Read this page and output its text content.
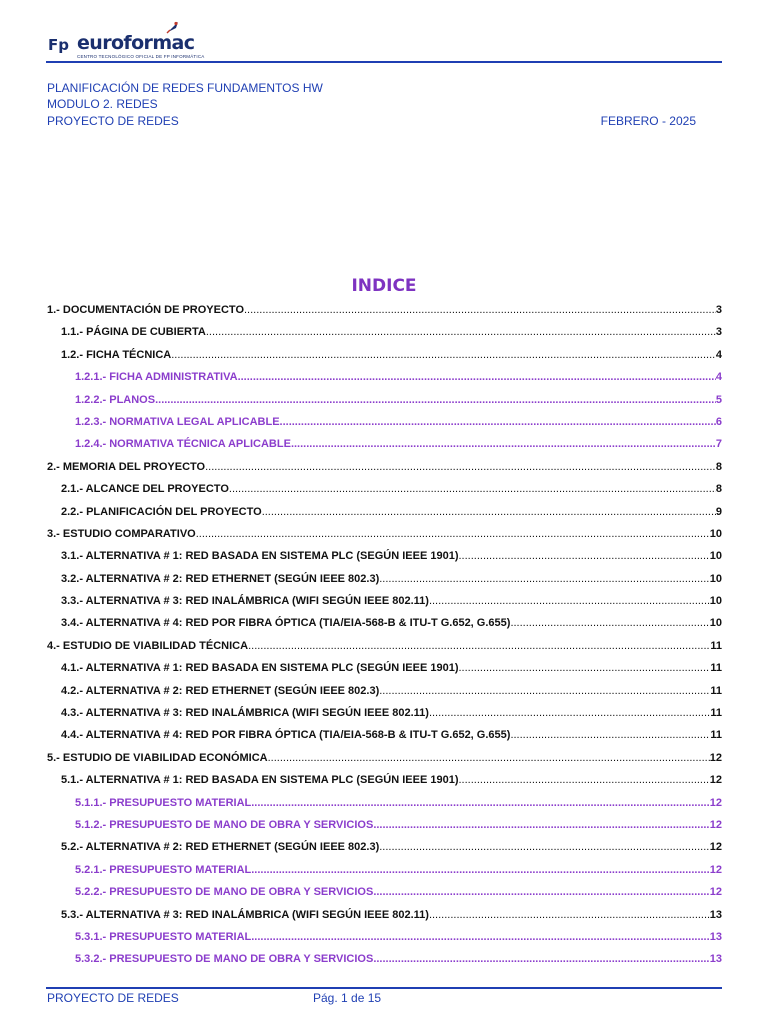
Fp euroformac
CENTRO TECNOLÓGICO OFICIAL DE FP INFORMÁTICA
PLANIFICACIÓN DE REDES FUNDAMENTOS HW
MODULO 2. REDES
PROYECTO DE REDES	FEBRERO - 2025
INDICE
1.- DOCUMENTACIÓN DE PROYECTO .....	3
1.1.- PÁGINA DE CUBIERTA .....	3
1.2.- FICHA TÉCNICA .....	4
1.2.1.- FICHA ADMINISTRATIVA .....	4
1.2.2.- PLANOS .....	5
1.2.3.- NORMATIVA LEGAL APLICABLE .....	6
1.2.4.- NORMATIVA TÉCNICA APLICABLE .....	7
2.- MEMORIA DEL PROYECTO .....	8
2.1.- ALCANCE DEL PROYECTO .....	8
2.2.- PLANIFICACIÓN DEL PROYECTO .....	9
3.- ESTUDIO COMPARATIVO .....	10
3.1.- ALTERNATIVA # 1: RED BASADA EN SISTEMA PLC (SEGÚN IEEE 1901) .....	10
3.2.- ALTERNATIVA # 2: RED ETHERNET (SEGÚN IEEE 802.3) .....	10
3.3.- ALTERNATIVA # 3: RED INALÁMBRICA (WIFI SEGÚN IEEE 802.11) .....	10
3.4.- ALTERNATIVA # 4: RED POR FIBRA ÓPTICA (TIA/EIA-568-B & ITU-T G.652, G.655) .....	10
4.- ESTUDIO DE VIABILIDAD TÉCNICA .....	11
4.1.- ALTERNATIVA # 1: RED BASADA EN SISTEMA PLC (SEGÚN IEEE 1901) .....	11
4.2.- ALTERNATIVA # 2: RED ETHERNET (SEGÚN IEEE 802.3) .....	11
4.3.- ALTERNATIVA # 3: RED INALÁMBRICA (WIFI SEGÚN IEEE 802.11) .....	11
4.4.- ALTERNATIVA # 4: RED POR FIBRA ÓPTICA (TIA/EIA-568-B & ITU-T G.652, G.655) .....	11
5.- ESTUDIO DE VIABILIDAD ECONÓMICA .....	12
5.1.- ALTERNATIVA # 1: RED BASADA EN SISTEMA PLC (SEGÚN IEEE 1901) .....	12
5.1.1.- PRESUPUESTO MATERIAL .....	12
5.1.2.- PRESUPUESTO DE MANO DE OBRA Y SERVICIOS .....	12
5.2.- ALTERNATIVA # 2: RED ETHERNET (SEGÚN IEEE 802.3) .....	12
5.2.1.- PRESUPUESTO MATERIAL .....	12
5.2.2.- PRESUPUESTO DE MANO DE OBRA Y SERVICIOS .....	12
5.3.- ALTERNATIVA # 3: RED INALÁMBRICA (WIFI SEGÚN IEEE 802.11) .....	13
5.3.1.- PRESUPUESTO MATERIAL .....	13
5.3.2.- PRESUPUESTO DE MANO DE OBRA Y SERVICIOS .....	13
PROYECTO DE REDES	Pág. 1 de 15
